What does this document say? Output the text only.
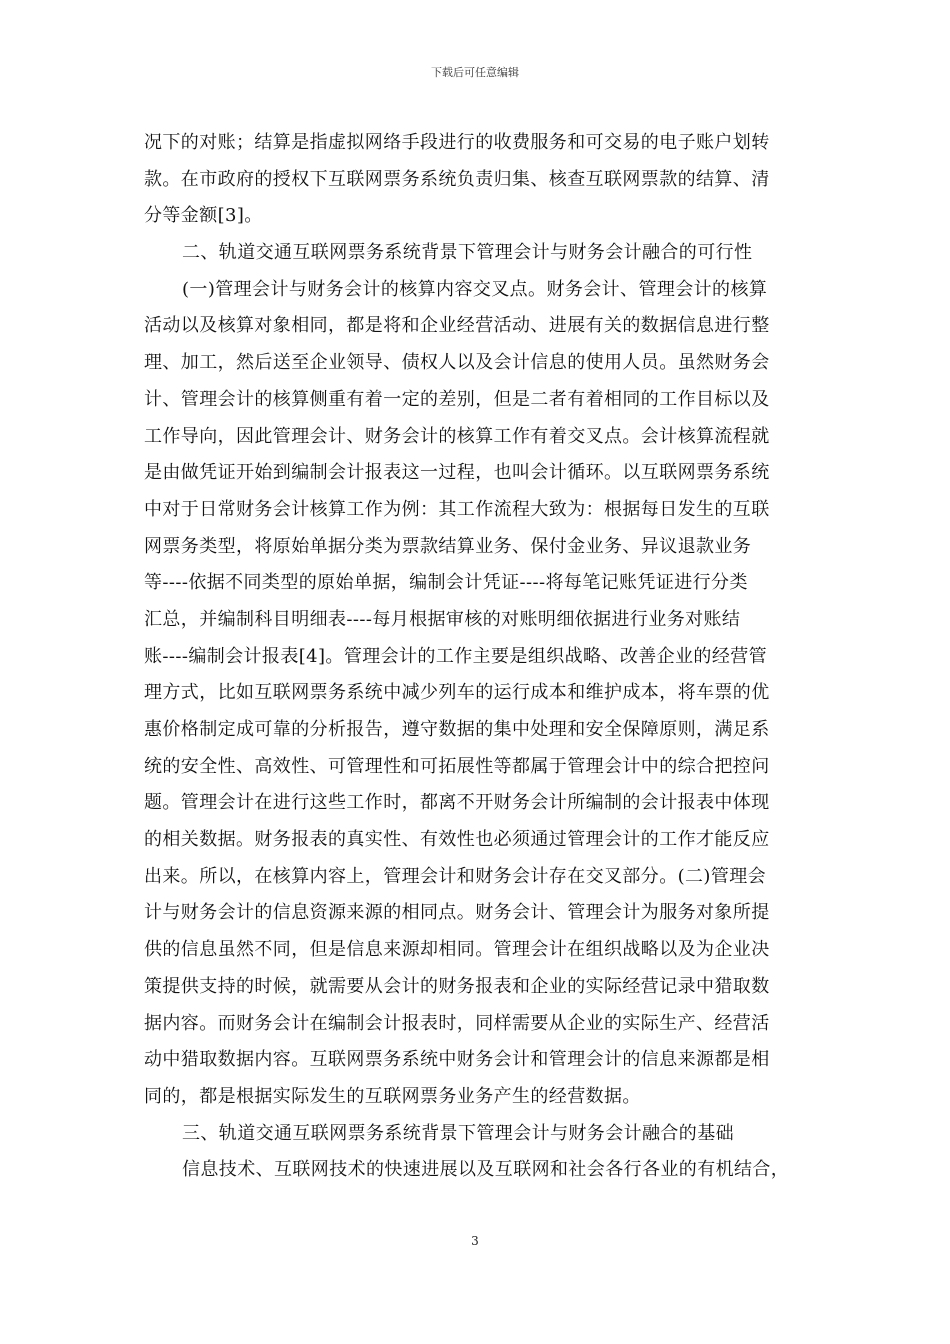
下载后可任意编辑
况下的对账；结算是指虚拟网络手段进行的收费服务和可交易的电子账户划转
款。在市政府的授权下互联网票务系统负责归集、核查互联网票款的结算、清
分等金额[3]。
二、轨道交通互联网票务系统背景下管理会计与财务会计融合的可行性
(一)管理会计与财务会计的核算内容交叉点。财务会计、管理会计的核算
活动以及核算对象相同，都是将和企业经营活动、进展有关的数据信息进行整
理、加工，然后送至企业领导、债权人以及会计信息的使用人员。虽然财务会
计、管理会计的核算侧重有着一定的差别，但是二者有着相同的工作目标以及
工作导向，因此管理会计、财务会计的核算工作有着交叉点。会计核算流程就
是由做凭证开始到编制会计报表这一过程，也叫会计循环。以互联网票务系统
中对于日常财务会计核算工作为例：其工作流程大致为：根据每日发生的互联
网票务类型，将原始单据分类为票款结算业务、保付金业务、异议退款业务
等----依据不同类型的原始单据，编制会计凭证----将每笔记账凭证进行分类
汇总，并编制科目明细表----每月根据审核的对账明细依据进行业务对账结
账----编制会计报表[4]。管理会计的工作主要是组织战略、改善企业的经营管
理方式，比如互联网票务系统中减少列车的运行成本和维护成本，将车票的优
惠价格制定成可靠的分析报告，遵守数据的集中处理和安全保障原则，满足系
统的安全性、高效性、可管理性和可拓展性等都属于管理会计中的综合把控问
题。管理会计在进行这些工作时，都离不开财务会计所编制的会计报表中体现
的相关数据。财务报表的真实性、有效性也必须通过管理会计的工作才能反应
出来。所以，在核算内容上，管理会计和财务会计存在交叉部分。(二)管理会
计与财务会计的信息资源来源的相同点。财务会计、管理会计为服务对象所提
供的信息虽然不同，但是信息来源却相同。管理会计在组织战略以及为企业决
策提供支持的时候，就需要从会计的财务报表和企业的实际经营记录中猎取数
据内容。而财务会计在编制会计报表时，同样需要从企业的实际生产、经营活
动中猎取数据内容。互联网票务系统中财务会计和管理会计的信息来源都是相
同的，都是根据实际发生的互联网票务业务产生的经营数据。
三、轨道交通互联网票务系统背景下管理会计与财务会计融合的基础
信息技术、互联网技术的快速进展以及互联网和社会各行各业的有机结合，
3
